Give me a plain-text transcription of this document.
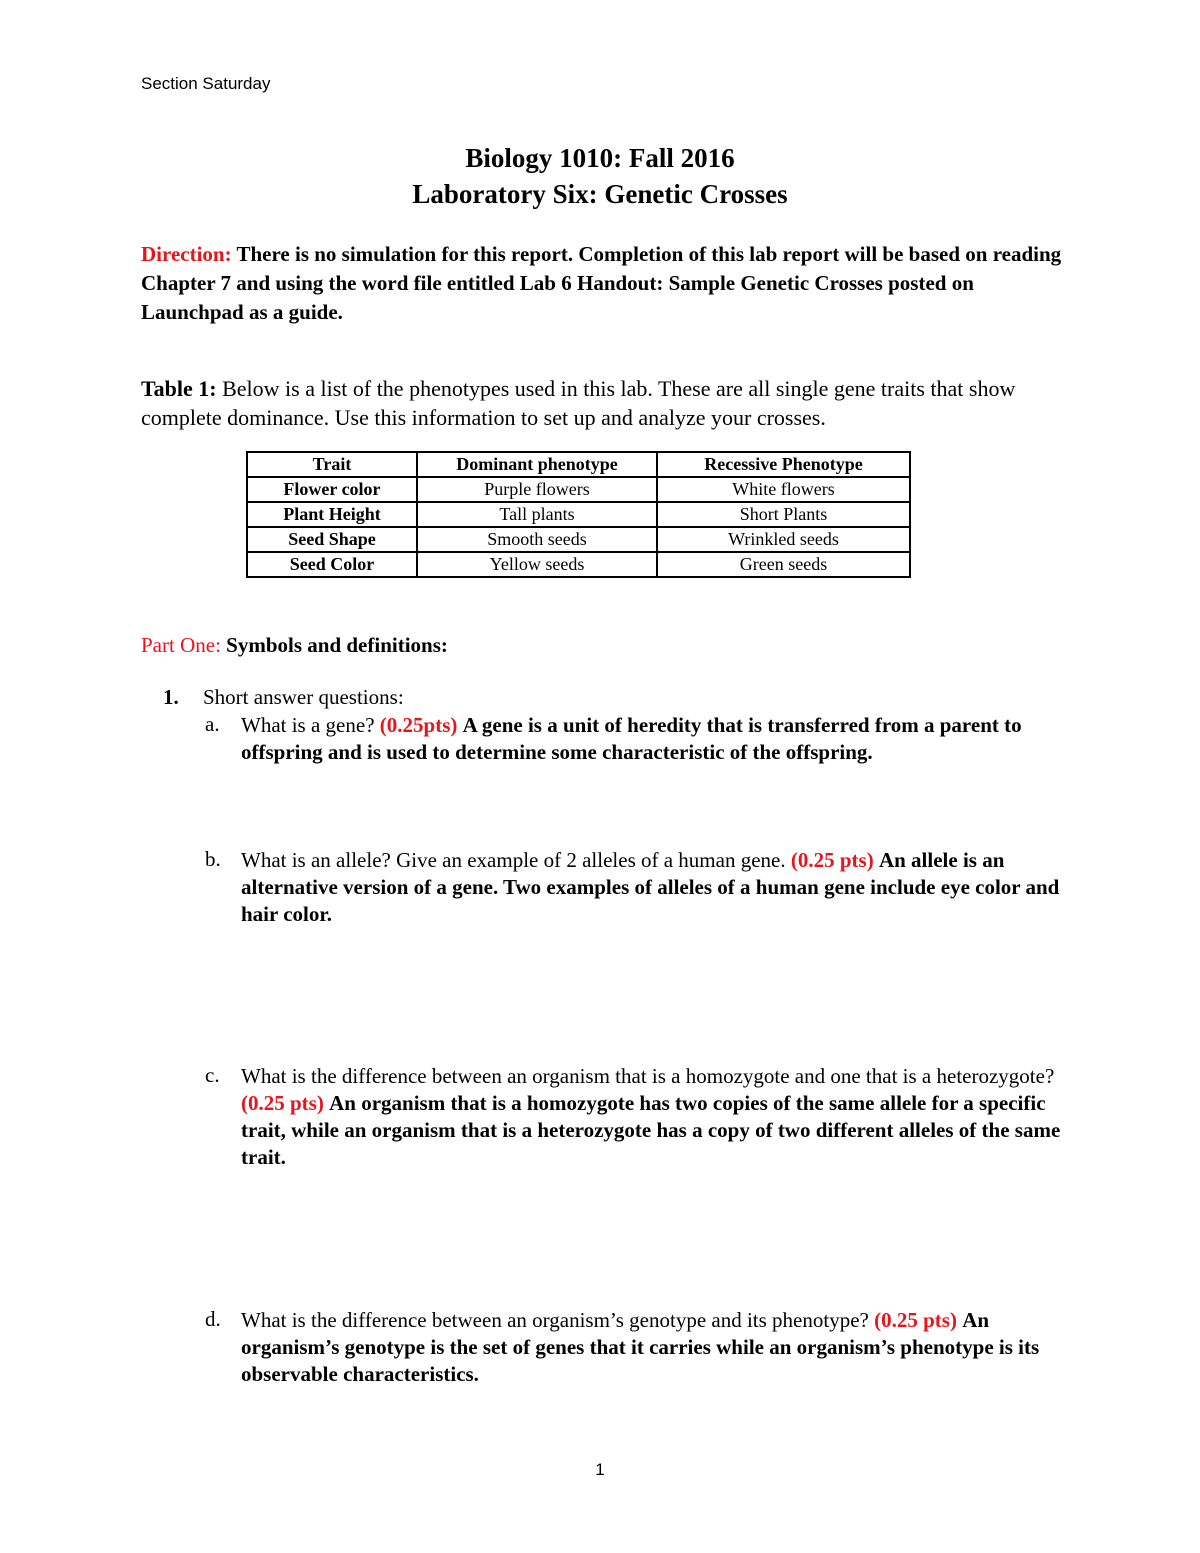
Section Saturday
Biology 1010: Fall 2016
Laboratory Six: Genetic Crosses
Direction: There is no simulation for this report. Completion of this lab report will be based on reading Chapter 7 and using the word file entitled Lab 6 Handout: Sample Genetic Crosses posted on Launchpad as a guide.
Table 1: Below is a list of the phenotypes used in this lab. These are all single gene traits that show complete dominance. Use this information to set up and analyze your crosses.
Trait	Dominant phenotype	Recessive Phenotype
Flower color	Purple flowers	White flowers
Plant Height	Tall plants	Short Plants
Seed Shape	Smooth seeds	Wrinkled seeds
Seed Color	Yellow seeds	Green seeds
Part One: Symbols and definitions:
1. Short answer questions:
a. What is a gene? (0.25pts) A gene is a unit of heredity that is transferred from a parent to offspring and is used to determine some characteristic of the offspring.
b. What is an allele? Give an example of 2 alleles of a human gene. (0.25 pts) An allele is an alternative version of a gene. Two examples of alleles of a human gene include eye color and hair color.
c. What is the difference between an organism that is a homozygote and one that is a heterozygote? (0.25 pts) An organism that is a homozygote has two copies of the same allele for a specific trait, while an organism that is a heterozygote has a copy of two different alleles of the same trait.
d. What is the difference between an organism’s genotype and its phenotype? (0.25 pts) An organism’s genotype is the set of genes that it carries while an organism’s phenotype is its observable characteristics.
1
